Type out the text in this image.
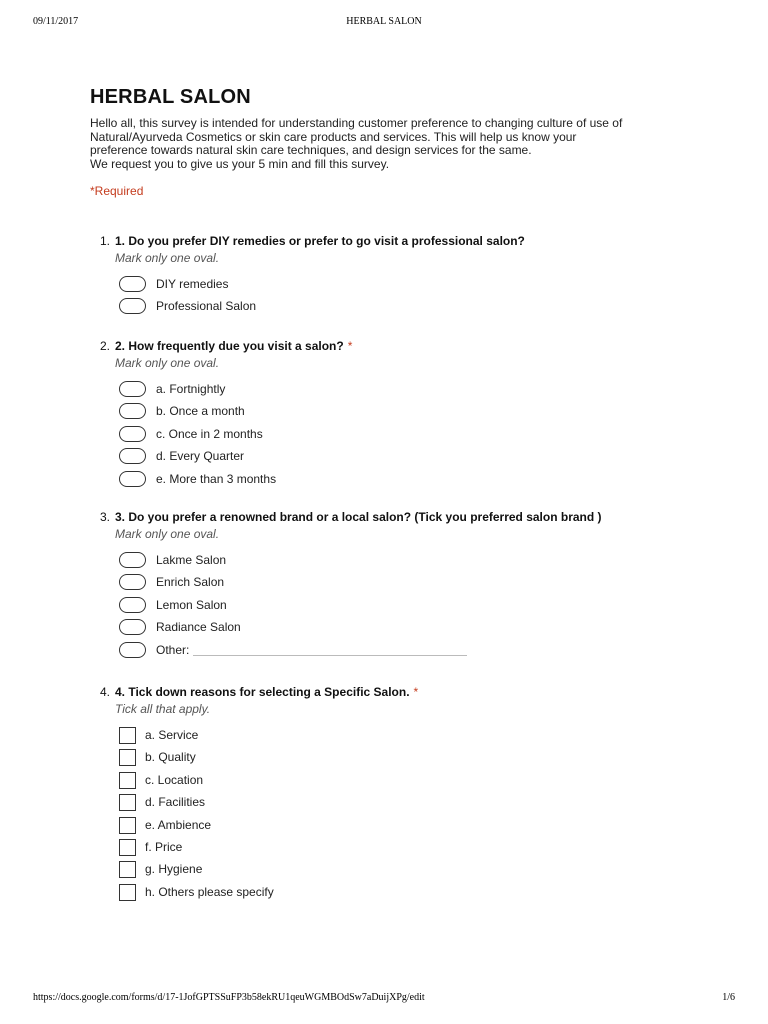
09/11/2017	HERBAL SALON
HERBAL SALON
Hello all, this survey is intended for understanding customer preference to changing culture of use of
Natural/Ayurveda Cosmetics or skin care products and services. This will help us know your
preference towards natural skin care techniques, and design services for the same.
We request you to give us your 5 min and fill this survey.
*Required
1. 1. Do you prefer DIY remedies or prefer to go visit a professional salon?
Mark only one oval.
DIY remedies
Professional Salon
2. 2. How frequently due you visit a salon? *
Mark only one oval.
a. Fortnightly
b. Once a month
c. Once in 2 months
d. Every Quarter
e. More than 3 months
3. 3. Do you prefer a renowned brand or a local salon? (Tick you preferred salon brand )
Mark only one oval.
Lakme Salon
Enrich Salon
Lemon Salon
Radiance Salon
Other:
4. 4. Tick down reasons for selecting a Specific Salon. *
Tick all that apply.
a. Service
b. Quality
c. Location
d. Facilities
e. Ambience
f. Price
g. Hygiene
h. Others please specify
https://docs.google.com/forms/d/17-1JofGPTSSuFP3b58ekRU1qeuWGMBOdSw7aDuijXPg/edit	1/6
